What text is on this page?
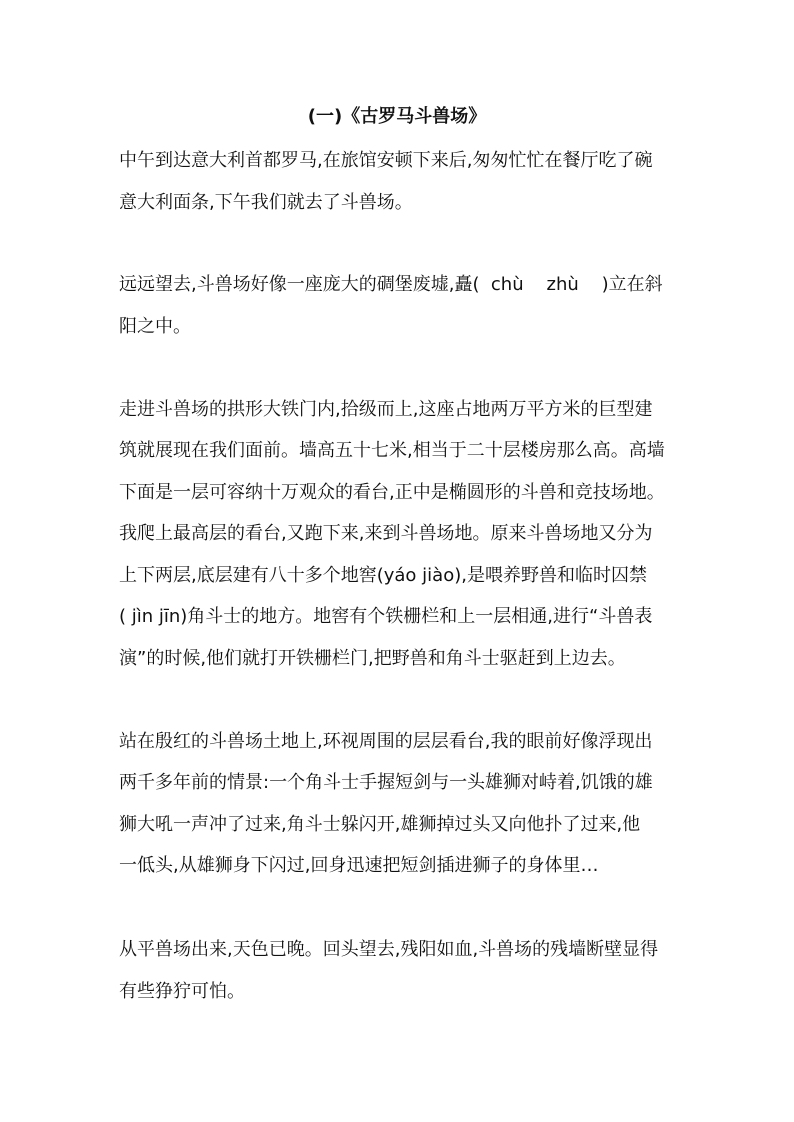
(一)《古罗马斗兽场》
中午到达意大利首都罗马,在旅馆安顿下来后,匆匆忙忙在餐厅吃了碗
意大利面条,下午我们就去了斗兽场。
远远望去,斗兽场好像一座庞大的碉堡废墟,矗(  chù    zhù    )立在斜
阳之中。
走进斗兽场的拱形大铁门内,拾级而上,这座占地两万平方米的巨型建
筑就展现在我们面前。墙高五十七米,相当于二十层楼房那么高。高墙
下面是一层可容纳十万观众的看台,正中是椭圆形的斗兽和竞技场地。
我爬上最高层的看台,又跑下来,来到斗兽场地。原来斗兽场地又分为
上下两层,底层建有八十多个地窖(yáo jiào),是喂养野兽和临时囚禁
( jìn jīn)角斗士的地方。地窖有个铁栅栏和上一层相通,进行“斗兽表
演”的时候,他们就打开铁栅栏门,把野兽和角斗士驱赶到上边去。
站在殷红的斗兽场土地上,环视周围的层层看台,我的眼前好像浮现出
两千多年前的情景:一个角斗士手握短剑与一头雄狮对峙着,饥饿的雄
狮大吼一声冲了过来,角斗士躲闪开,雄狮掉过头又向他扑了过来,他
一低头,从雄狮身下闪过,回身迅速把短剑插进狮子的身体里…
从平兽场出来,天色已晚。回头望去,残阳如血,斗兽场的残墙断壁显得
有些狰狞可怕。
